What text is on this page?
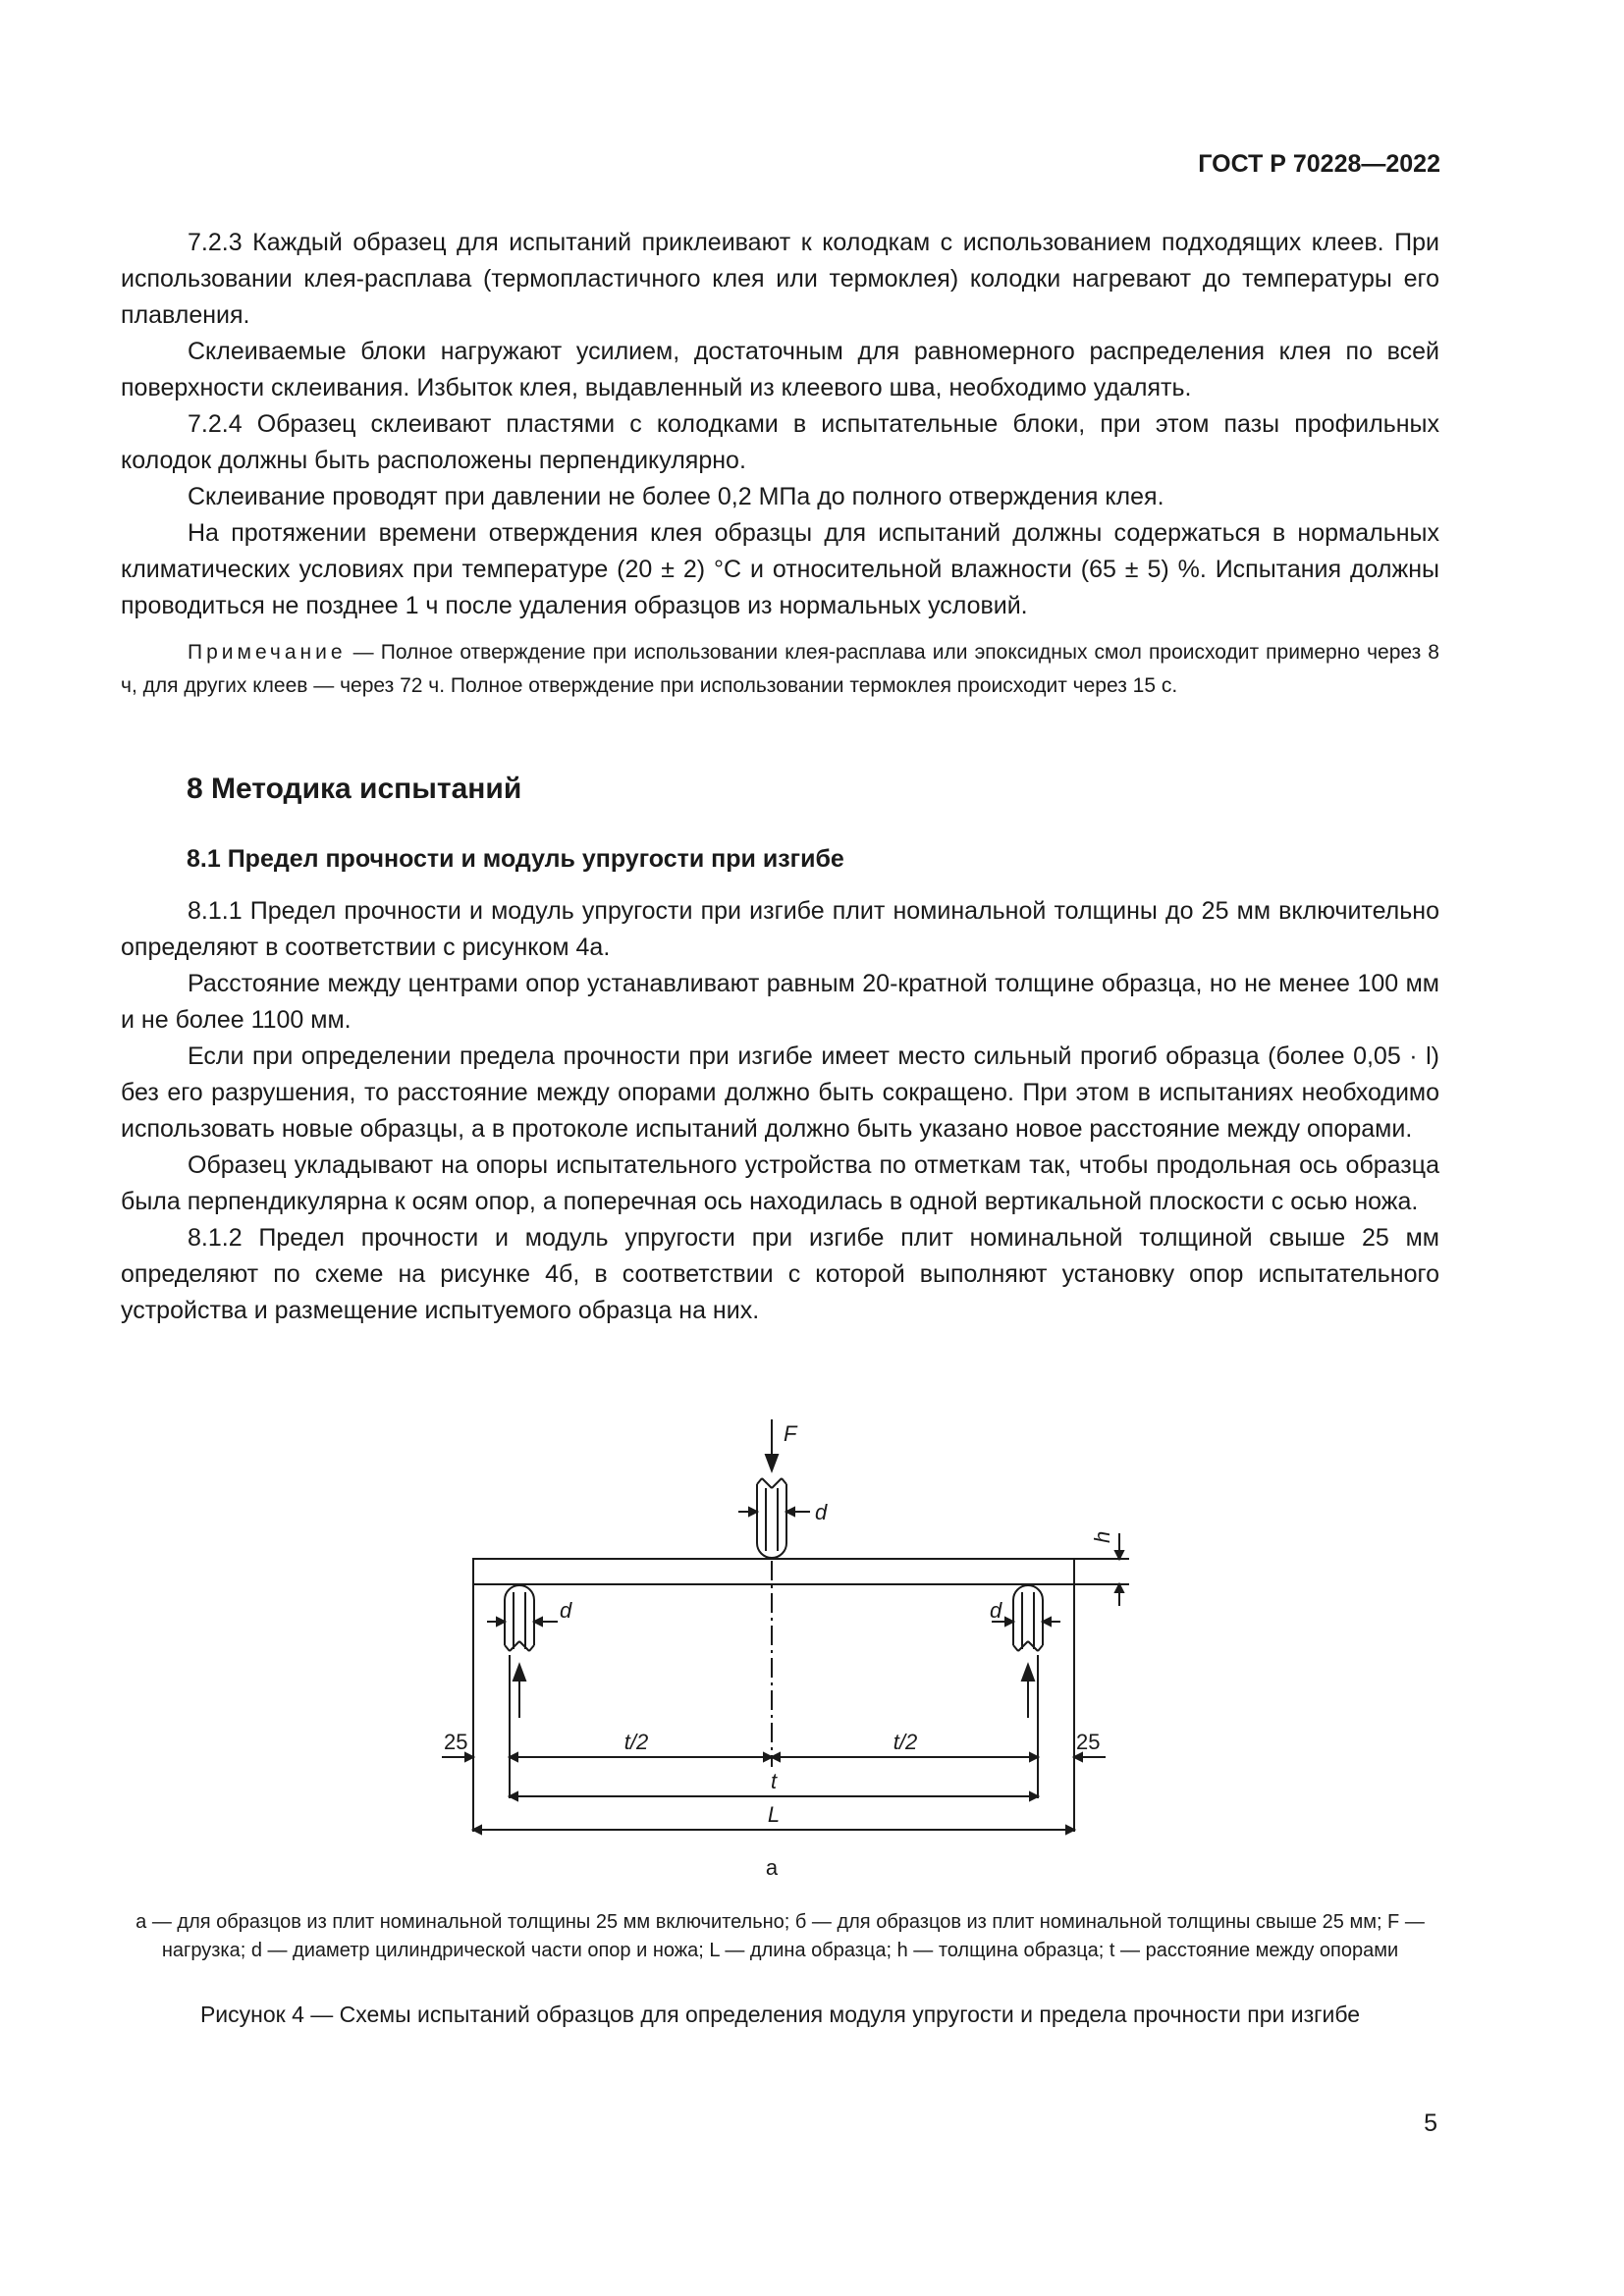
ГОСТ Р 70228—2022

7.2.3 Каждый образец для испытаний приклеивают к колодкам с использованием подходящих клеев. При использовании клея-расплава (термопластичного клея или термоклея) колодки нагревают до температуры его плавления.

Склеиваемые блоки нагружают усилием, достаточным для равномерного распределения клея по всей поверхности склеивания. Избыток клея, выдавленный из клеевого шва, необходимо удалять.

7.2.4 Образец склеивают пластями с колодками в испытательные блоки, при этом пазы профильных колодок должны быть расположены перпендикулярно.

Склеивание проводят при давлении не более 0,2 МПа до полного отверждения клея.

На протяжении времени отверждения клея образцы для испытаний должны содержаться в нормальных климатических условиях при температуре (20 ± 2) °C и относительной влажности (65 ± 5) %. Испытания должны проводиться не позднее 1 ч после удаления образцов из нормальных условий.

Примечание — Полное отверждение при использовании клея-расплава или эпоксидных смол происходит примерно через 8 ч, для других клеев — через 72 ч. Полное отверждение при использовании термоклея происходит через 15 с.

8 Методика испытаний
8.1 Предел прочности и модуль упругости при изгибе

8.1.1 Предел прочности и модуль упругости при изгибе плит номинальной толщины до 25 мм включительно определяют в соответствии с рисунком 4а.

Расстояние между центрами опор устанавливают равным 20-кратной толщине образца, но не менее 100 мм и не более 1100 мм.

Если при определении предела прочности при изгибе имеет место сильный прогиб образца (более 0,05 · l) без его разрушения, то расстояние между опорами должно быть сокращено. При этом в испытаниях необходимо использовать новые образцы, а в протоколе испытаний должно быть указано новое расстояние между опорами.

Образец укладывают на опоры испытательного устройства по отметкам так, чтобы продольная ось образца была перпендикулярна к осям опор, а поперечная ось находилась в одной вертикальной плоскости с осью ножа.

8.1.2 Предел прочности и модуль упругости при изгибе плит номинальной толщиной свыше 25 мм определяют по схеме на рисунке 4б, в соответствии с которой выполняют установку опор испытательного устройства и размещение испытуемого образца на них.

F
d
h
d	d
25	25
t/2	t/2
t
L
а
а — для образцов из плит номинальной толщины 25 мм включительно; б — для образцов из плит номинальной толщины свыше 25 мм; F — нагрузка; d — диаметр цилиндрической части опор и ножа; L — длина образца; h — толщина образца; t — расстояние между опорами
Рисунок 4 — Схемы испытаний образцов для определения модуля упругости и предела прочности при изгибе
5
